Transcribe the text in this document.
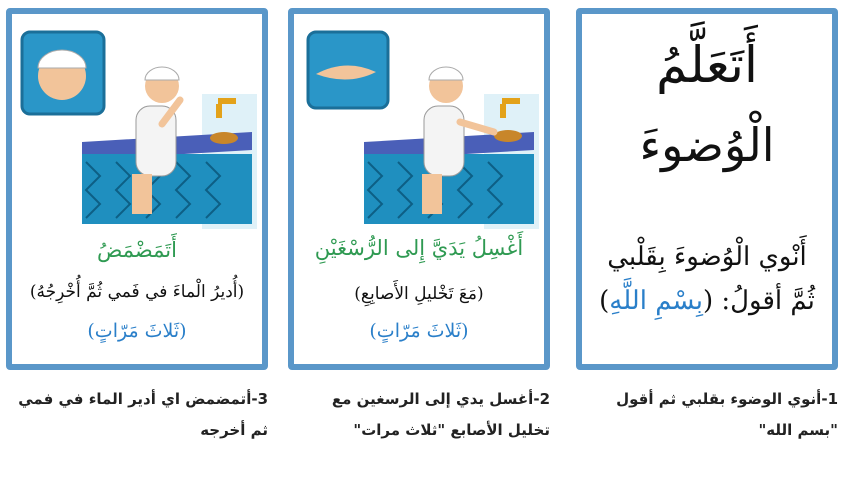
أَتَعَلَّمُ
الْوُضوءَ
أَنْوي الْوُضوءَ بِقَلْبي
ثُمَّ أقولُ: (بِسْمِ اللَّهِ)
أَغْسِلُ يَدَيَّ إِلى الرُّسْغَيْنِ
(مَعَ تَخْليلِ الأَصابِعِ)
(ثَلاثَ مَرّاتٍ)
أَتَمَضْمَضُ
(أُديرُ الْماءَ في فَمي ثُمَّ أُخْرِجُهُ)
(ثَلاثَ مَرّاتٍ)
1-أنوي الوضوء بقلبي ثم أقول "بسم الله"
2-أغسل يدي إلى الرسغين مع تخليل الأصابع "ثلاث مرات"
3-أتمضمض اي أدير الماء في فمي ثم أخرجه
